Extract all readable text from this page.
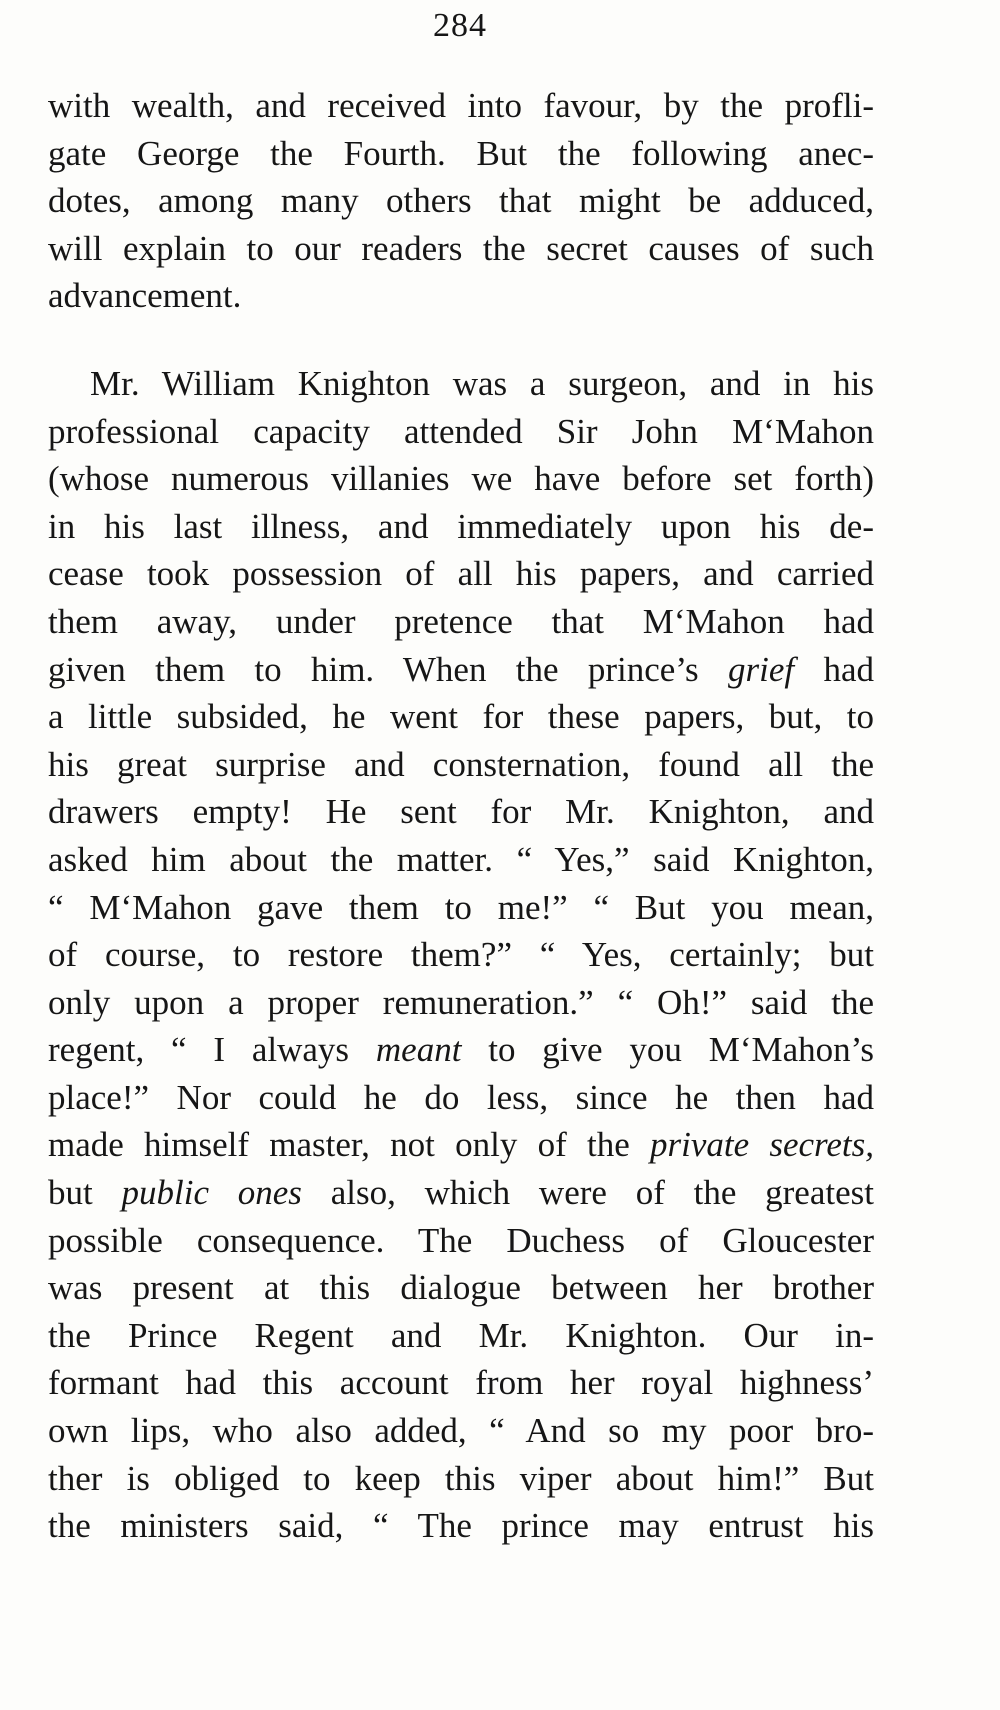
284
with wealth, and received into favour, by the profli-
gate George the Fourth. But the following anec-
dotes, among many others that might be adduced,
will explain to our readers the secret causes of such
advancement.
Mr. William Knighton was a surgeon, and in his
professional capacity attended Sir John M‘Mahon
(whose numerous villanies we have before set forth)
in his last illness, and immediately upon his de-
cease took possession of all his papers, and carried
them away, under pretence that M‘Mahon had
given them to him. When the prince’s grief had
a little subsided, he went for these papers, but, to
his great surprise and consternation, found all the
drawers empty! He sent for Mr. Knighton, and
asked him about the matter. “ Yes,” said Knighton,
“ M‘Mahon gave them to me!” “ But you mean,
of course, to restore them?” “ Yes, certainly; but
only upon a proper remuneration.” “ Oh!” said the
regent, “ I always meant to give you M‘Mahon’s
place!” Nor could he do less, since he then had
made himself master, not only of the private secrets,
but public ones also, which were of the greatest
possible consequence. The Duchess of Gloucester
was present at this dialogue between her brother
the Prince Regent and Mr. Knighton. Our in-
formant had this account from her royal highness’
own lips, who also added, “ And so my poor bro-
ther is obliged to keep this viper about him!” But
the ministers said, “ The prince may entrust his
